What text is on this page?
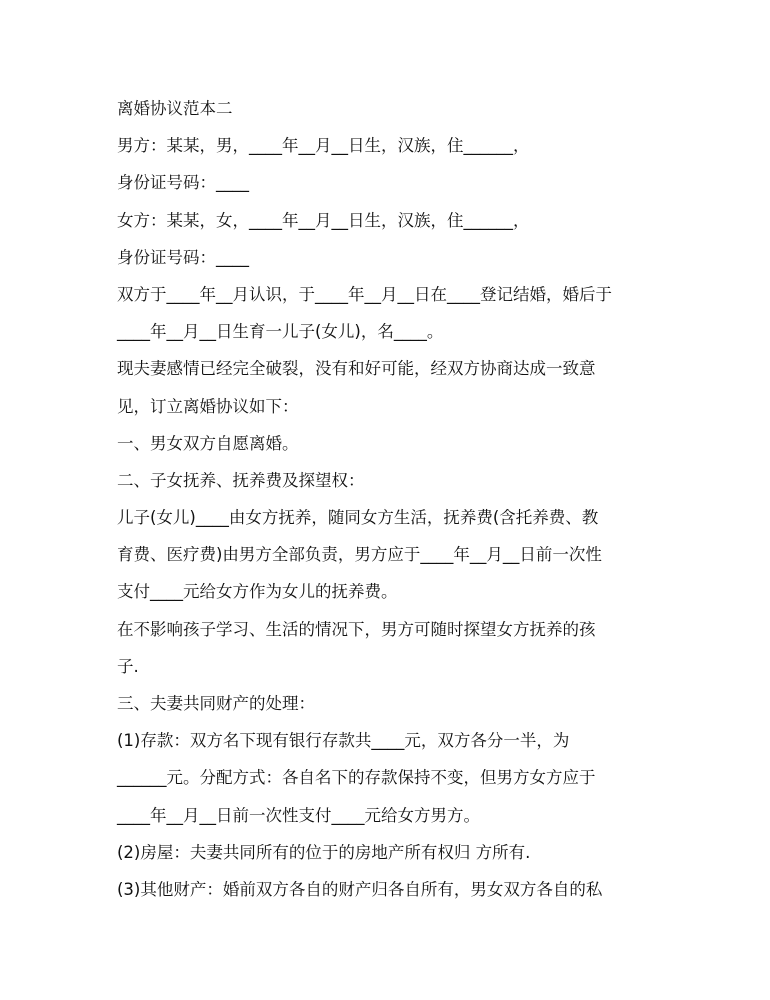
离婚协议范本二
男方：某某，男，____年__月__日生，汉族，住______，
身份证号码：____
女方：某某，女，____年__月__日生，汉族，住______，
身份证号码：____
双方于____年__月认识，于____年__月__日在____登记结婚，婚后于
____年__月__日生育一儿子(女儿)，名____。
现夫妻感情已经完全破裂，没有和好可能，经双方协商达成一致意
见，订立离婚协议如下：
一、男女双方自愿离婚。
二、子女抚养、抚养费及探望权：
儿子(女儿)____由女方抚养，随同女方生活，抚养费(含托养费、教
育费、医疗费)由男方全部负责，男方应于____年__月__日前一次性
支付____元给女方作为女儿的抚养费。
在不影响孩子学习、生活的情况下，男方可随时探望女方抚养的孩
子.
三、夫妻共同财产的处理：
(1)存款：双方名下现有银行存款共____元，双方各分一半，为
______元。分配方式：各自名下的存款保持不变，但男方女方应于
____年__月__日前一次性支付____元给女方男方。
(2)房屋：夫妻共同所有的位于的房地产所有权归 方所有.
(3)其他财产：婚前双方各自的财产归各自所有，男女双方各自的私
